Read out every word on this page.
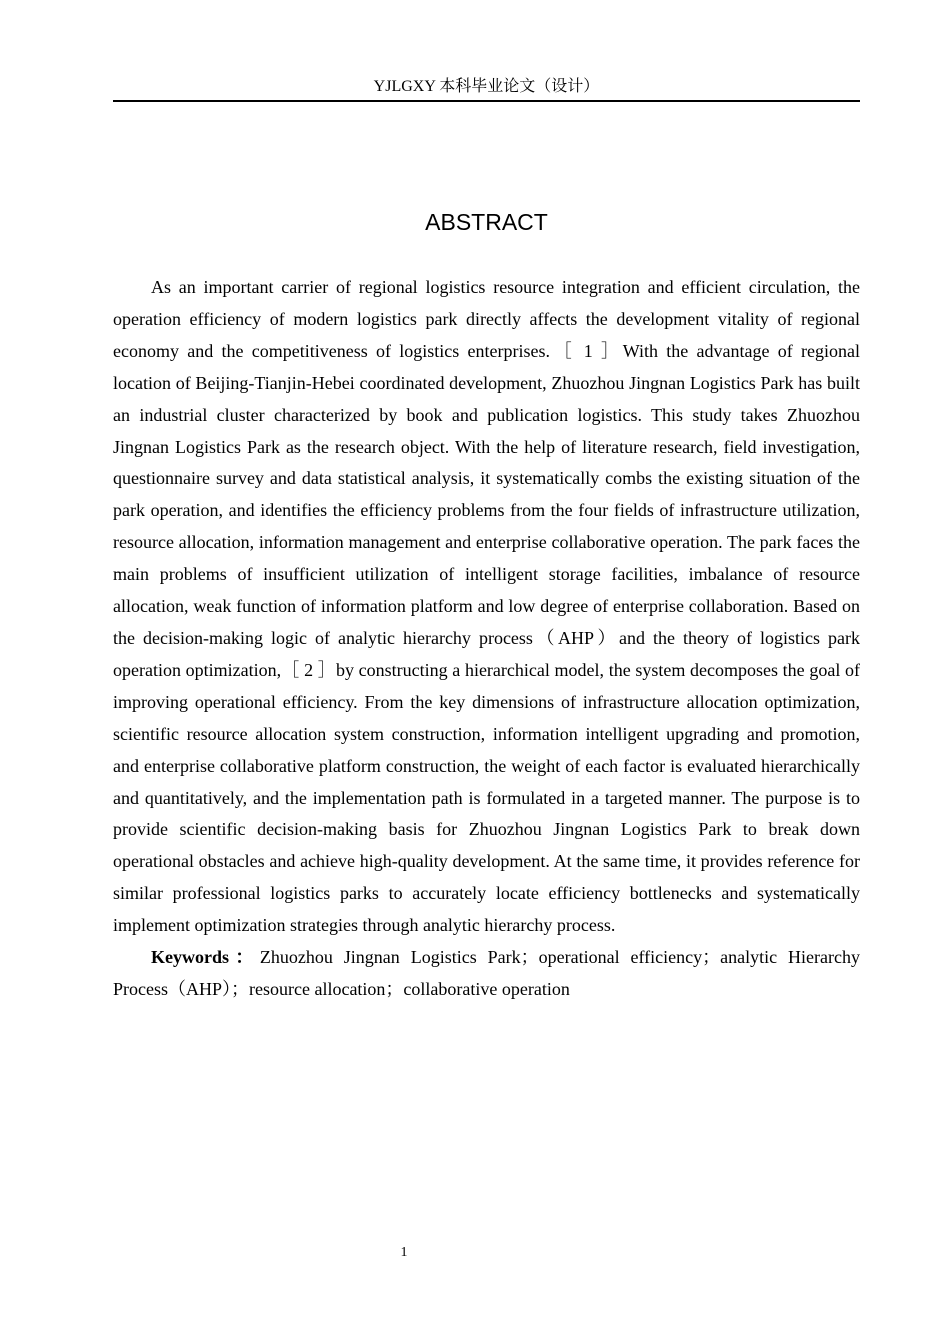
YJLGXY 本科毕业论文（设计）
ABSTRACT

As an important carrier of regional logistics resource integration and efficient circulation, the operation efficiency of modern logistics park directly affects the development vitality of regional economy and the competitiveness of logistics enterprises.［ 1 ］With the advantage of regional location of Beijing-Tianjin-Hebei coordinated development, Zhuozhou Jingnan Logistics Park has built an industrial cluster characterized by book and publication logistics. This study takes Zhuozhou Jingnan Logistics Park as the research object. With the help of literature research, field investigation, questionnaire survey and data statistical analysis, it systematically combs the existing situation of the park operation, and identifies the efficiency problems from the four fields of infrastructure utilization, resource allocation, information management and enterprise collaborative operation. The park faces the main problems of insufficient utilization of intelligent storage facilities, imbalance of resource allocation, weak function of information platform and low degree of enterprise collaboration. Based on the decision-making logic of analytic hierarchy process（AHP）and the theory of logistics park operation optimization,［ 2 ］by constructing a hierarchical model, the system decomposes the goal of improving operational efficiency. From the key dimensions of infrastructure allocation optimization, scientific resource allocation system construction, information intelligent upgrading and promotion, and enterprise collaborative platform construction, the weight of each factor is evaluated hierarchically and quantitatively, and the implementation path is formulated in a targeted manner. The purpose is to provide scientific decision-making basis for Zhuozhou Jingnan Logistics Park to break down operational obstacles and achieve high-quality development. At the same time, it provides reference for similar professional logistics parks to accurately locate efficiency bottlenecks and systematically implement optimization strategies through analytic hierarchy process.

Keywords：Zhuozhou Jingnan Logistics Park；operational efficiency；analytic Hierarchy Process（AHP）；resource allocation；collaborative operation

1
